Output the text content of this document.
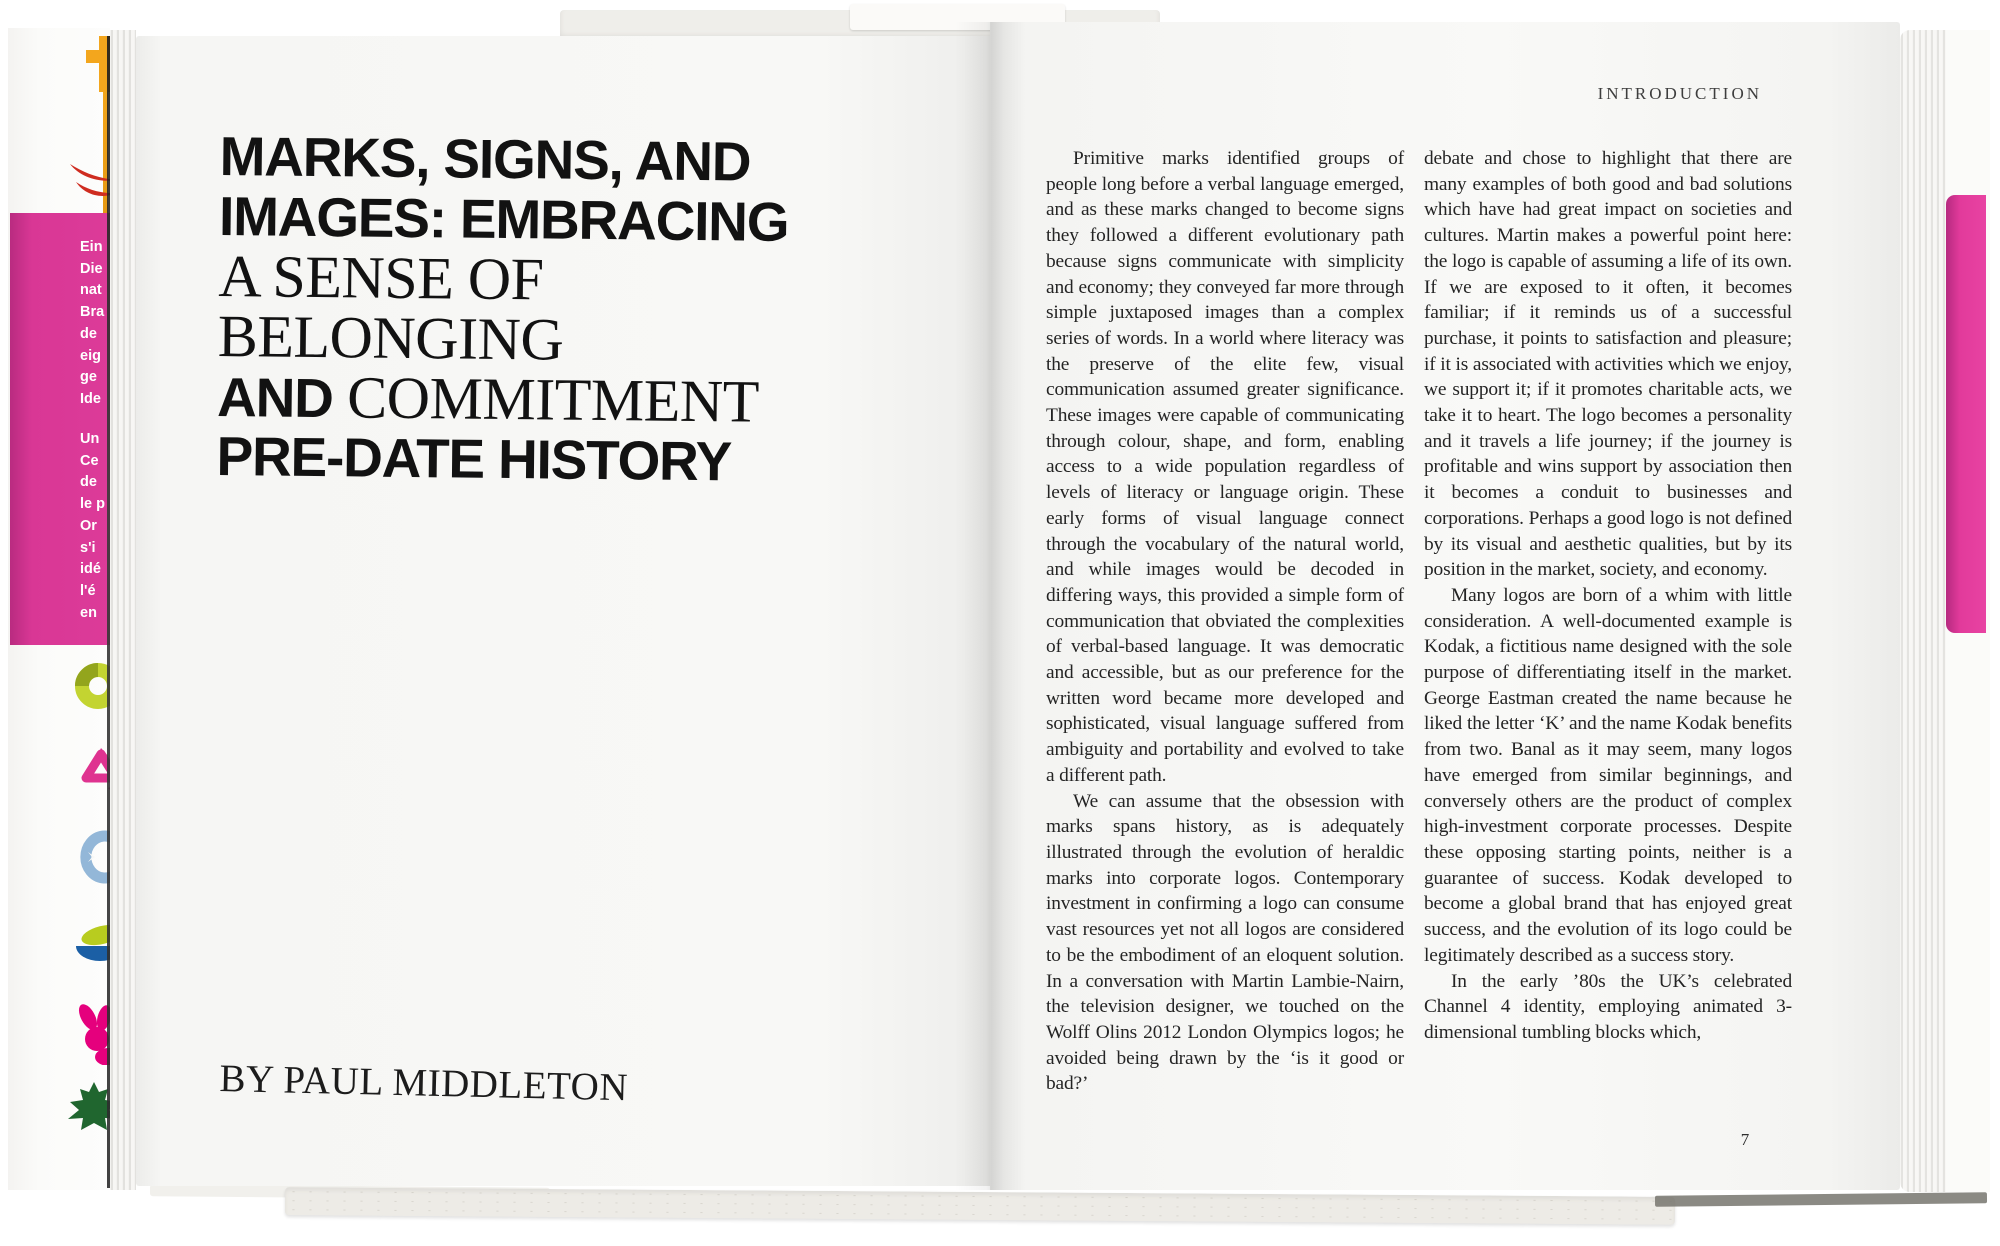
Ein
Die
nat
Bra
de
eig
ge
Ide
Un
Ce
de
le p
Or
s'i
idé
l'é
en
MARKS, SIGNS, AND
IMAGES: EMBRACING
A SENSE OF
BELONGING
AND COMMITMENT
PRE-DATE HISTORY
BY PAUL MIDDLETON
INTRODUCTION

Primitive marks identified groups of people long before a verbal language emerged, and as these marks changed to become signs they followed a different evolutionary path because signs communicate with simplicity and economy; they conveyed far more through simple juxtaposed images than a complex series of words. In a world where literacy was the preserve of the elite few, visual communication assumed greater significance. These images were capable of communicating through colour, shape, and form, enabling access to a wide population regardless of levels of literacy or language origin. These early forms of visual language connect through the vocabulary of the natural world, and while images would be decoded in differing ways, this provided a simple form of communication that obviated the complexities of verbal-based language. It was democratic and accessible, but as our preference for the written word became more developed and sophisticated, visual language suffered from ambiguity and portability and evolved to take a different path.

We can assume that the obsession with marks spans history, as is adequately illustrated through the evolution of heraldic marks into corporate logos. Contemporary investment in confirming a logo can consume vast resources yet not all logos are considered to be the embodiment of an eloquent solution. In a conversation with Martin Lambie-Nairn, the television designer, we touched on the Wolff Olins 2012 London Olympics logos; he avoided being drawn by the ‘is it good or bad?’

debate and chose to highlight that there are many examples of both good and bad solutions which have had great impact on societies and cultures. Martin makes a powerful point here: the logo is capable of assuming a life of its own. If we are exposed to it often, it becomes familiar; if it reminds us of a successful purchase, it points to satisfaction and pleasure; if it is associated with activities which we enjoy, we support it; if it promotes charitable acts, we take it to heart. The logo becomes a personality and it travels a life journey; if the journey is profitable and wins support by association then it becomes a conduit to businesses and corporations. Perhaps a good logo is not defined by its visual and aesthetic qualities, but by its position in the market, society, and economy.

Many logos are born of a whim with little consideration. A well-documented example is Kodak, a fictitious name designed with the sole purpose of differentiating itself in the market. George Eastman created the name because he liked the letter ‘K’ and the name Kodak benefits from two. Banal as it may seem, many logos have emerged from similar beginnings, and conversely others are the product of complex high-investment corporate processes. Despite these opposing starting points, neither is a guarantee of success. Kodak developed to become a global brand that has enjoyed great success, and the evolution of its logo could be legitimately described as a success story.

In the early ’80s the UK’s celebrated Channel 4 identity, employing animated 3-dimensional tumbling blocks which,

7
